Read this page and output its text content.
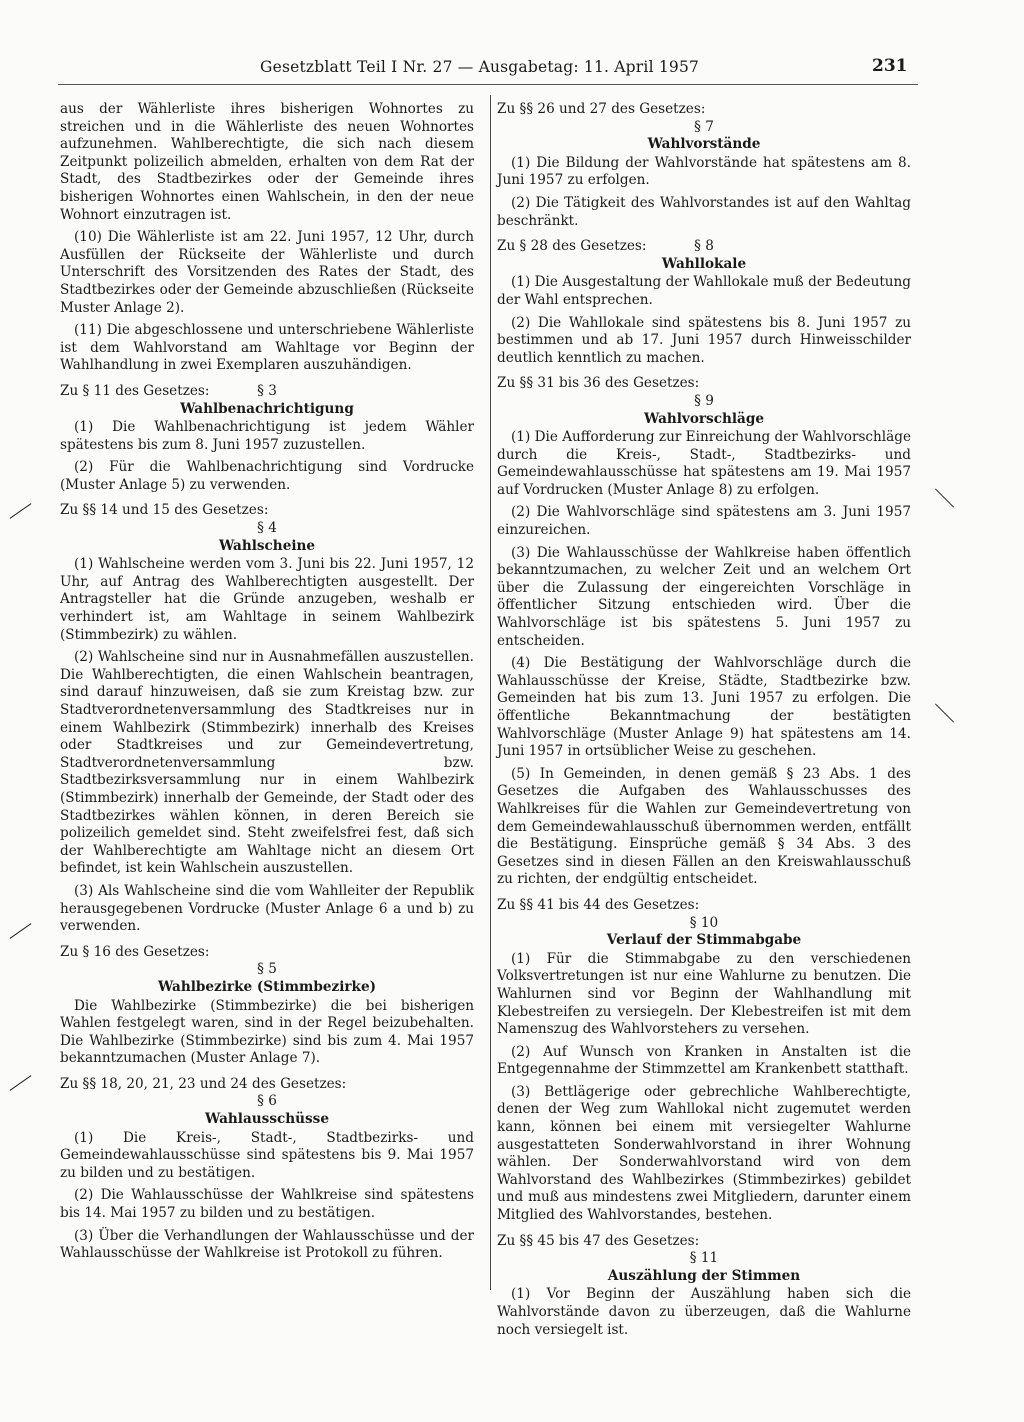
Gesetzblatt Teil I Nr. 27 — Ausgabetag: 11. April 1957	231

aus der Wählerliste ihres bisherigen Wohnortes zu streichen und in die Wählerliste des neuen Wohnortes aufzunehmen. Wahlberechtigte, die sich nach diesem Zeitpunkt polizeilich abmelden, erhalten von dem Rat der Stadt, des Stadtbezirkes oder der Gemeinde ihres bisherigen Wohnortes einen Wahlschein, in den der neue Wohnort einzutragen ist.

(10) Die Wählerliste ist am 22. Juni 1957, 12 Uhr, durch Ausfüllen der Rückseite der Wählerliste und durch Unterschrift des Vorsitzenden des Rates der Stadt, des Stadtbezirkes oder der Gemeinde abzuschließen (Rückseite Muster Anlage 2).

(11) Die abgeschlossene und unterschriebene Wählerliste ist dem Wahlvorstand am Wahltage vor Beginn der Wahlhandlung in zwei Exemplaren auszuhändigen.

Zu § 11 des Gesetzes:	§ 3

Wahlbenachrichtigung

(1) Die Wahlbenachrichtigung ist jedem Wähler spätestens bis zum 8. Juni 1957 zuzustellen.

(2) Für die Wahlbenachrichtigung sind Vordrucke (Muster Anlage 5) zu verwenden.

Zu §§ 14 und 15 des Gesetzes:

§ 4

Wahlscheine

(1) Wahlscheine werden vom 3. Juni bis 22. Juni 1957, 12 Uhr, auf Antrag des Wahlberechtigten ausgestellt. Der Antragsteller hat die Gründe anzugeben, weshalb er verhindert ist, am Wahltage in seinem Wahlbezirk (Stimmbezirk) zu wählen.

(2) Wahlscheine sind nur in Ausnahmefällen auszustellen. Die Wahlberechtigten, die einen Wahlschein beantragen, sind darauf hinzuweisen, daß sie zum Kreistag bzw. zur Stadtverordnetenversammlung des Stadtkreises nur in einem Wahlbezirk (Stimmbezirk) innerhalb des Kreises oder Stadtkreises und zur Gemeindevertretung, Stadtverordnetenversammlung bzw. Stadtbezirksversammlung nur in einem Wahlbezirk (Stimmbezirk) innerhalb der Gemeinde, der Stadt oder des Stadtbezirkes wählen können, in deren Bereich sie polizeilich gemeldet sind. Steht zweifelsfrei fest, daß sich der Wahlberechtigte am Wahltage nicht an diesem Ort befindet, ist kein Wahlschein auszustellen.

(3) Als Wahlscheine sind die vom Wahlleiter der Republik herausgegebenen Vordrucke (Muster Anlage 6 a und b) zu verwenden.

Zu § 16 des Gesetzes:

§ 5

Wahlbezirke (Stimmbezirke)

Die Wahlbezirke (Stimmbezirke) die bei bisherigen Wahlen festgelegt waren, sind in der Regel beizubehalten. Die Wahlbezirke (Stimmbezirke) sind bis zum 4. Mai 1957 bekanntzumachen (Muster Anlage 7).

Zu §§ 18, 20, 21, 23 und 24 des Gesetzes:

§ 6

Wahlausschüsse

(1) Die Kreis-, Stadt-, Stadtbezirks- und Gemeindewahlausschüsse sind spätestens bis 9. Mai 1957 zu bilden und zu bestätigen.

(2) Die Wahlausschüsse der Wahlkreise sind spätestens bis 14. Mai 1957 zu bilden und zu bestätigen.

(3) Über die Verhandlungen der Wahlausschüsse und der Wahlausschüsse der Wahlkreise ist Protokoll zu führen.

Zu §§ 26 und 27 des Gesetzes:

§ 7

Wahlvorstände

(1) Die Bildung der Wahlvorstände hat spätestens am 8. Juni 1957 zu erfolgen.

(2) Die Tätigkeit des Wahlvorstandes ist auf den Wahltag beschränkt.

Zu § 28 des Gesetzes:	§ 8

Wahllokale

(1) Die Ausgestaltung der Wahllokale muß der Bedeutung der Wahl entsprechen.

(2) Die Wahllokale sind spätestens bis 8. Juni 1957 zu bestimmen und ab 17. Juni 1957 durch Hinweisschilder deutlich kenntlich zu machen.

Zu §§ 31 bis 36 des Gesetzes:

§ 9

Wahlvorschläge

(1) Die Aufforderung zur Einreichung der Wahlvorschläge durch die Kreis-, Stadt-, Stadtbezirks- und Gemeindewahlausschüsse hat spätestens am 19. Mai 1957 auf Vordrucken (Muster Anlage 8) zu erfolgen.

(2) Die Wahlvorschläge sind spätestens am 3. Juni 1957 einzureichen.

(3) Die Wahlausschüsse der Wahlkreise haben öffentlich bekanntzumachen, zu welcher Zeit und an welchem Ort über die Zulassung der eingereichten Vorschläge in öffentlicher Sitzung entschieden wird. Über die Wahlvorschläge ist bis spätestens 5. Juni 1957 zu entscheiden.

(4) Die Bestätigung der Wahlvorschläge durch die Wahlausschüsse der Kreise, Städte, Stadtbezirke bzw. Gemeinden hat bis zum 13. Juni 1957 zu erfolgen. Die öffentliche Bekanntmachung der bestätigten Wahlvorschläge (Muster Anlage 9) hat spätestens am 14. Juni 1957 in ortsüblicher Weise zu geschehen.

(5) In Gemeinden, in denen gemäß § 23 Abs. 1 des Gesetzes die Aufgaben des Wahlausschusses des Wahlkreises für die Wahlen zur Gemeindevertretung von dem Gemeindewahlausschuß übernommen werden, entfällt die Bestätigung. Einsprüche gemäß § 34 Abs. 3 des Gesetzes sind in diesen Fällen an den Kreiswahlausschuß zu richten, der endgültig entscheidet.

Zu §§ 41 bis 44 des Gesetzes:

§ 10

Verlauf der Stimmabgabe

(1) Für die Stimmabgabe zu den verschiedenen Volksvertretungen ist nur eine Wahlurne zu benutzen. Die Wahlurnen sind vor Beginn der Wahlhandlung mit Klebestreifen zu versiegeln. Der Klebestreifen ist mit dem Namenszug des Wahlvorstehers zu versehen.

(2) Auf Wunsch von Kranken in Anstalten ist die Entgegennahme der Stimmzettel am Krankenbett statthaft.

(3) Bettlägerige oder gebrechliche Wahlberechtigte, denen der Weg zum Wahllokal nicht zugemutet werden kann, können bei einem mit versiegelter Wahlurne ausgestatteten Sonderwahlvorstand in ihrer Wohnung wählen. Der Sonderwahlvorstand wird von dem Wahlvorstand des Wahlbezirkes (Stimmbezirkes) gebildet und muß aus mindestens zwei Mitgliedern, darunter einem Mitglied des Wahlvorstandes, bestehen.

Zu §§ 45 bis 47 des Gesetzes:

§ 11

Auszählung der Stimmen

(1) Vor Beginn der Auszählung haben sich die Wahlvorstände davon zu überzeugen, daß die Wahlurne noch versiegelt ist.
